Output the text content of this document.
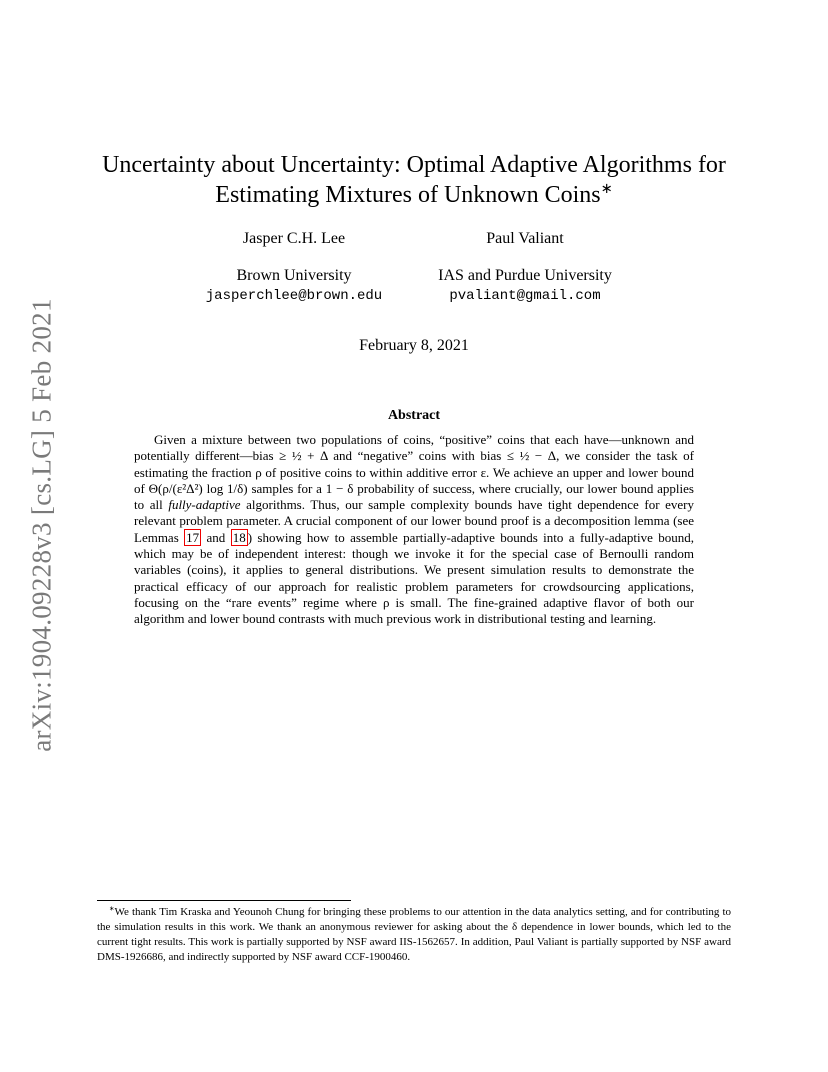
arXiv:1904.09228v3 [cs.LG] 5 Feb 2021
Uncertainty about Uncertainty: Optimal Adaptive Algorithms for
Estimating Mixtures of Unknown Coins∗
Jasper C.H. Lee
Brown University
jasperchlee@brown.edu
Paul Valiant
IAS and Purdue University
pvaliant@gmail.com
February 8, 2021
Abstract

Given a mixture between two populations of coins, “positive” coins that each have—unknown and potentially different—bias ≥ ½ + Δ and “negative” coins with bias ≤ ½ − Δ, we consider the task of estimating the fraction ρ of positive coins to within additive error ε. We achieve an upper and lower bound of Θ(ρ/(ε²Δ²) log 1/δ) samples for a 1 − δ probability of success, where crucially, our lower bound applies to all fully-adaptive algorithms. Thus, our sample complexity bounds have tight dependence for every relevant problem parameter. A crucial component of our lower bound proof is a decomposition lemma (see Lemmas 17 and 18 ) showing how to assemble partially-adaptive bounds into a fully-adaptive bound, which may be of independent interest: though we invoke it for the special case of Bernoulli random variables (coins), it applies to general distributions. We present simulation results to demonstrate the practical efficacy of our approach for realistic problem parameters for crowdsourcing applications, focusing on the “rare events” regime where ρ is small. The fine-grained adaptive flavor of both our algorithm and lower bound contrasts with much previous work in distributional testing and learning.

∗We thank Tim Kraska and Yeounoh Chung for bringing these problems to our attention in the data analytics setting, and for contributing to the simulation results in this work. We thank an anonymous reviewer for asking about the δ dependence in lower bounds, which led to the current tight results. This work is partially supported by NSF award IIS-1562657. In addition, Paul Valiant is partially supported by NSF award DMS-1926686, and indirectly supported by NSF award CCF-1900460.
